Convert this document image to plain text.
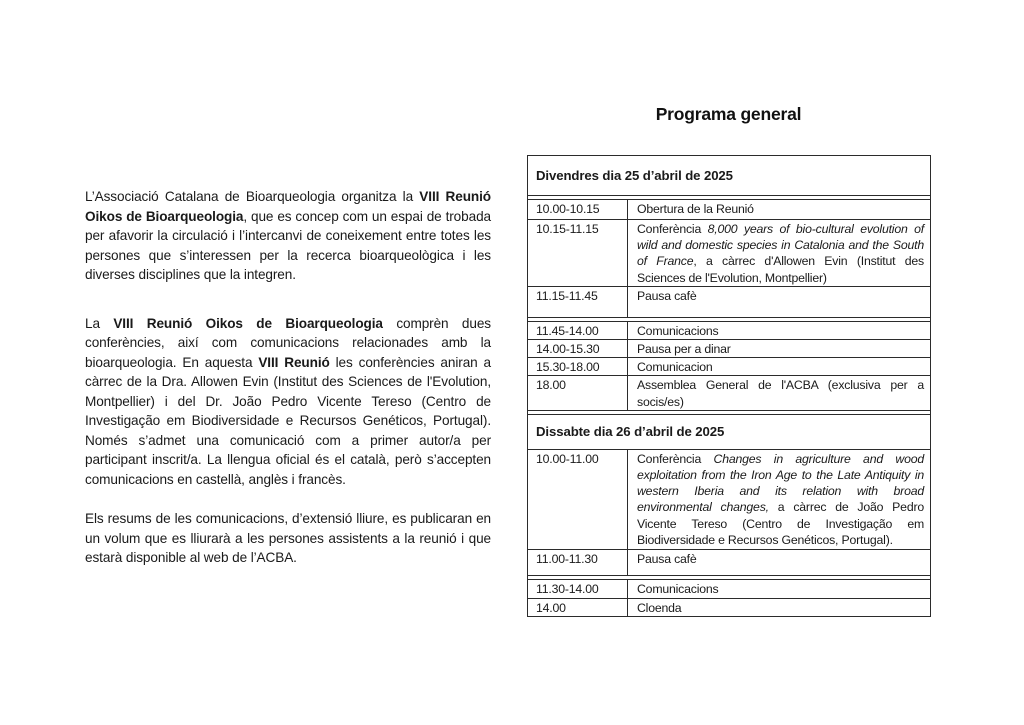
L’Associació Catalana de Bioarqueologia organitza la VIII Reunió Oikos de Bioarqueologia, que es concep com un espai de trobada per afavorir la circulació i l’intercanvi de coneixement entre totes les persones que s’interessen per la recerca bioarqueològica i les diverses disciplines que la integren.

La VIII Reunió Oikos de Bioarqueologia comprèn dues conferències, així com comunicacions relacionades amb la bioarqueologia. En aquesta VIII Reunió les conferències aniran a càrrec de la Dra. Allowen Evin (Institut des Sciences de l'Evolution, Montpellier) i del Dr. João Pedro Vicente Tereso (Centro de Investigação em Biodiversidade e Recursos Genéticos, Portugal). Només s’admet una comunicació com a primer autor/a per participant inscrit/a. La llengua oficial és el català, però s’accepten comunicacions en castellà, anglès i francès.

Els resums de les comunicacions, d’extensió lliure, es publicaran en un volum que es lliurarà a les persones assistents a la reunió i que estarà disponible al web de l’ACBA.

Programa general
Divendres dia 25 d’abril de 2025	

10.00-10.15	Obertura de la Reunió
10.15-11.15	Conferència 8,000 years of bio-cultural evolution of wild and domestic species in Catalonia and the South of France, a càrrec d'Allowen Evin (Institut des Sciences de l'Evolution, Montpellier)
11.15-11.45	Pausa cafè

11.45-14.00	Comunicacions
14.00-15.30	Pausa per a dinar
15.30-18.00	Comunicacion
18.00	Assemblea General de l'ACBA (exclusiva per a socis/es)

Dissabte dia 26 d’abril de 2025	
10.00-11.00	Conferència Changes in agriculture and wood exploitation from the Iron Age to the Late Antiquity in western Iberia and its relation with broad environmental changes, a càrrec de João Pedro Vicente Tereso (Centro de Investigação em Biodiversidade e Recursos Genéticos, Portugal).
11.00-11.30	Pausa cafè

11.30-14.00	Comunicacions
14.00	Cloenda
